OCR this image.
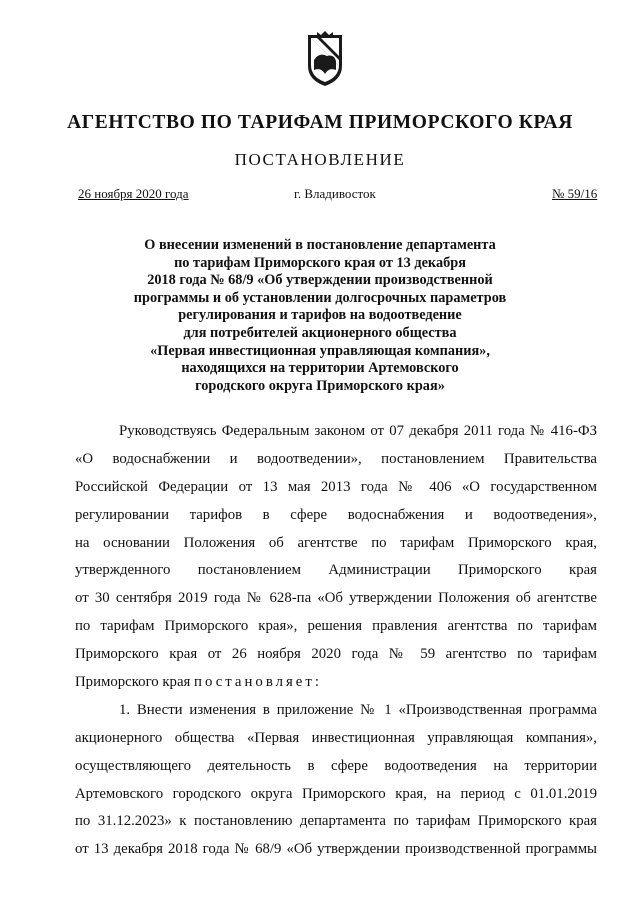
АГЕНТСТВО ПО ТАРИФАМ ПРИМОРСКОГО КРАЯ
ПОСТАНОВЛЕНИЕ
26 ноября 2020 года	г. Владивосток	№ 59/16
О внесении изменений в постановление департамента
по тарифам Приморского края от 13 декабря
2018 года № 68/9 «Об утверждении производственной
программы и об установлении долгосрочных параметров
регулирования и тарифов на водоотведение
для потребителей акционерного общества
«Первая инвестиционная управляющая компания»,
находящихся на территории Артемовского
городского округа Приморского края»
Руководствуясь Федеральным законом от 07 декабря 2011 года № 416-ФЗ
«О водоснабжении и водоотведении», постановлением Правительства
Российской Федерации от 13 мая 2013 года № 406 «О государственном
регулировании тарифов в сфере водоснабжения и водоотведения»,
на основании Положения об агентстве по тарифам Приморского края,
утвержденного постановлением Администрации Приморского края
от 30 сентября 2019 года № 628-па «Об утверждении Положения об агентстве
по тарифам Приморского края», решения правления агентства по тарифам
Приморского края от 26 ноября 2020 года № 59 агентство по тарифам
Приморского края постановляет:
1. Внести изменения в приложение № 1 «Производственная программа
акционерного общества «Первая инвестиционная управляющая компания»,
осуществляющего деятельность в сфере водоотведения на территории
Артемовского городского округа Приморского края, на период с 01.01.2019
по 31.12.2023» к постановлению департамента по тарифам Приморского края
от 13 декабря 2018 года № 68/9 «Об утверждении производственной программы
